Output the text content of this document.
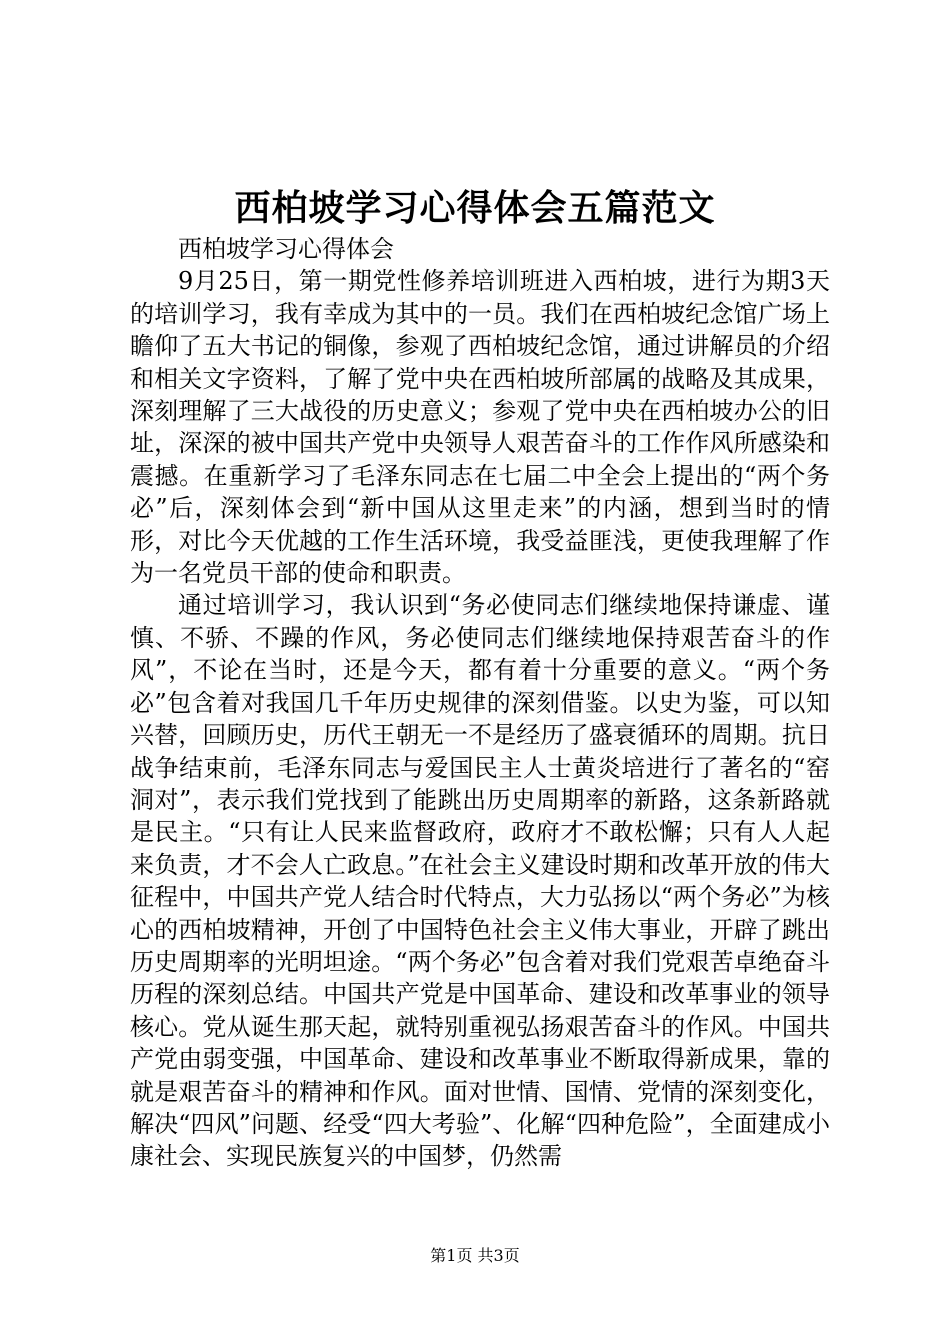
西柏坡学习心得体会五篇范文

西柏坡学习心得体会

9月25日，第一期党性修养培训班进入西柏坡，进行为期3天的培训学习，我有幸成为其中的一员。我们在西柏坡纪念馆广场上瞻仰了五大书记的铜像，参观了西柏坡纪念馆，通过讲解员的介绍和相关文字资料，了解了党中央在西柏坡所部属的战略及其成果，深刻理解了三大战役的历史意义；参观了党中央在西柏坡办公的旧址，深深的被中国共产党中央领导人艰苦奋斗的工作作风所感染和震撼。在重新学习了毛泽东同志在七届二中全会上提出的“两个务必”后，深刻体会到“新中国从这里走来”的内涵，想到当时的情形，对比今天优越的工作生活环境，我受益匪浅，更使我理解了作为一名党员干部的使命和职责。

通过培训学习，我认识到“务必使同志们继续地保持谦虚、谨慎、不骄、不躁的作风，务必使同志们继续地保持艰苦奋斗的作风”，不论在当时，还是今天，都有着十分重要的意义。“两个务必”包含着对我国几千年历史规律的深刻借鉴。以史为鉴，可以知兴替，回顾历史，历代王朝无一不是经历了盛衰循环的周期。抗日战争结束前，毛泽东同志与爱国民主人士黄炎培进行了著名的“窑洞对”，表示我们党找到了能跳出历史周期率的新路，这条新路就是民主。“只有让人民来监督政府，政府才不敢松懈；只有人人起来负责，才不会人亡政息。”在社会主义建设时期和改革开放的伟大征程中，中国共产党人结合时代特点，大力弘扬以“两个务必”为核心的西柏坡精神，开创了中国特色社会主义伟大事业，开辟了跳出历史周期率的光明坦途。“两个务必”包含着对我们党艰苦卓绝奋斗历程的深刻总结。中国共产党是中国革命、建设和改革事业的领导核心。党从诞生那天起，就特别重视弘扬艰苦奋斗的作风。中国共产党由弱变强，中国革命、建设和改革事业不断取得新成果，靠的就是艰苦奋斗的精神和作风。面对世情、国情、党情的深刻变化，解决“四风”问题、经受“四大考验”、化解“四种危险”，全面建成小康社会、实现民族复兴的中国梦，仍然需

第1页 共3页
